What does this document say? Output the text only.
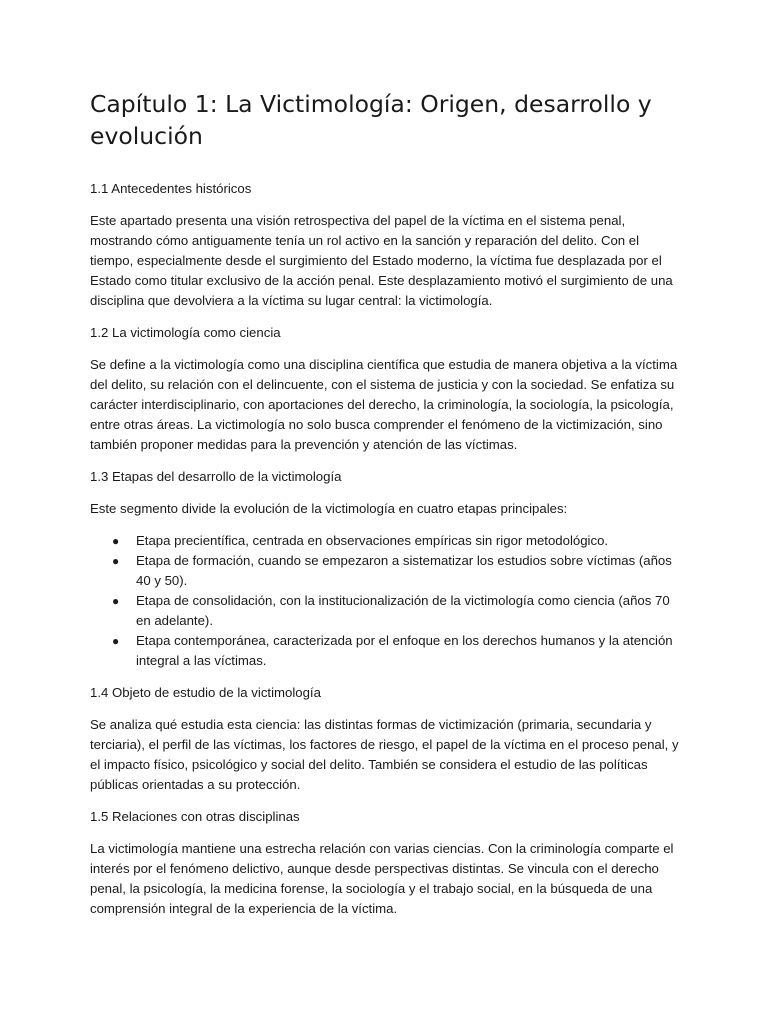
Capítulo 1: La Victimología: Origen, desarrollo y evolución

1.1 Antecedentes históricos

Este apartado presenta una visión retrospectiva del papel de la víctima en el sistema penal, mostrando cómo antiguamente tenía un rol activo en la sanción y reparación del delito. Con el tiempo, especialmente desde el surgimiento del Estado moderno, la víctima fue desplazada por el Estado como titular exclusivo de la acción penal. Este desplazamiento motivó el surgimiento de una disciplina que devolviera a la víctima su lugar central: la victimología.

1.2 La victimología como ciencia

Se define a la victimología como una disciplina científica que estudia de manera objetiva a la víctima del delito, su relación con el delincuente, con el sistema de justicia y con la sociedad. Se enfatiza su carácter interdisciplinario, con aportaciones del derecho, la criminología, la sociología, la psicología, entre otras áreas. La victimología no solo busca comprender el fenómeno de la victimización, sino también proponer medidas para la prevención y atención de las víctimas.

1.3 Etapas del desarrollo de la victimología

Este segmento divide la evolución de la victimología en cuatro etapas principales:

● Etapa precientífica, centrada en observaciones empíricas sin rigor metodológico.
● Etapa de formación, cuando se empezaron a sistematizar los estudios sobre víctimas (años 40 y 50).
● Etapa de consolidación, con la institucionalización de la victimología como ciencia (años 70 en adelante).
● Etapa contemporánea, caracterizada por el enfoque en los derechos humanos y la atención integral a las víctimas.

1.4 Objeto de estudio de la victimología

Se analiza qué estudia esta ciencia: las distintas formas de victimización (primaria, secundaria y terciaria), el perfil de las víctimas, los factores de riesgo, el papel de la víctima en el proceso penal, y el impacto físico, psicológico y social del delito. También se considera el estudio de las políticas públicas orientadas a su protección.

1.5 Relaciones con otras disciplinas

La victimología mantiene una estrecha relación con varias ciencias. Con la criminología comparte el interés por el fenómeno delictivo, aunque desde perspectivas distintas. Se vincula con el derecho penal, la psicología, la medicina forense, la sociología y el trabajo social, en la búsqueda de una comprensión integral de la experiencia de la víctima.
